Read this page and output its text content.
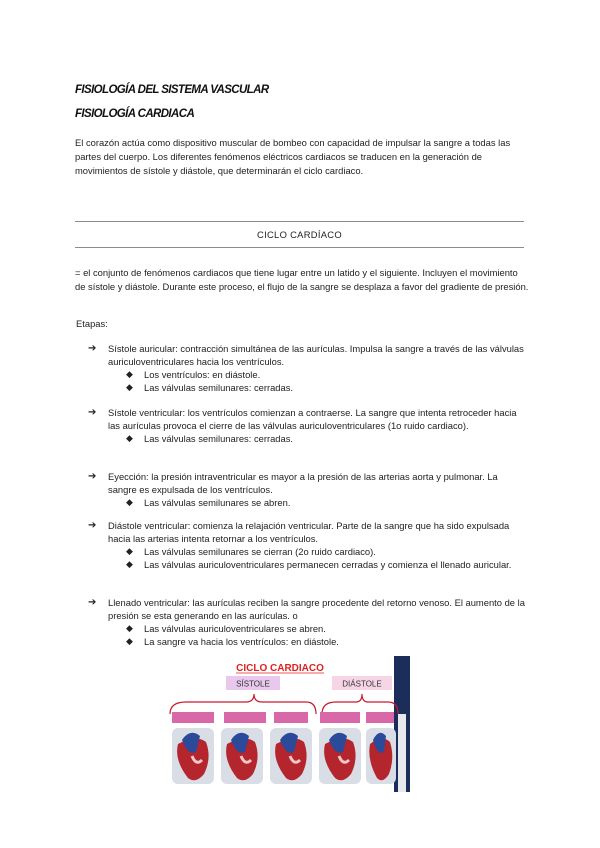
FISIOLOGÍA DEL SISTEMA VASCULAR
FISIOLOGÍA CARDIACA

El corazón actúa como dispositivo muscular de bombeo con capacidad de impulsar la sangre a todas las partes del cuerpo. Los diferentes fenómenos eléctricos cardiacos se traducen en la generación de movimientos de sístole y diástole, que determinarán el ciclo cardiaco.

CICLO CARDÍACO

= el conjunto de fenómenos cardiacos que tiene lugar entre un latido y el siguiente. Incluyen el movimiento de sístole y diástole. Durante este proceso, el flujo de la sangre se desplaza a favor del gradiente de presión.

Etapas:
➔	Sístole auricular: contracción simultánea de las aurículas. Impulsa la sangre a través de las válvulas auriculoventriculares hacia los ventrículos.
◆ Los ventrículos: en diástole.
◆ Las válvulas semilunares: cerradas.
➔	Sístole ventricular: los ventrículos comienzan a contraerse. La sangre que intenta retroceder hacia las aurículas provoca el cierre de las válvulas auriculoventriculares (1o ruido cardiaco).
◆ Las válvulas semilunares: cerradas.
➔	Eyección: la presión intraventricular es mayor a la presión de las arterias aorta y pulmonar. La sangre es expulsada de los ventrículos.
◆ Las válvulas semilunares se abren.
➔	Diástole ventricular: comienza la relajación ventricular. Parte de la sangre que ha sido expulsada hacia las arterias intenta retornar a los ventrículos.
◆ Las válvulas semilunares se cierran (2o ruido cardiaco).
◆ Las válvulas auriculoventriculares permanecen cerradas y comienza el llenado auricular.
➔	Llenado ventricular: las aurículas reciben la sangre procedente del retorno venoso. El aumento de la presión se esta generando en las aurículas. o
◆ Las válvulas auriculoventriculares se abren.
◆ La sangre va hacia los ventrículos: en diástole.
CICLO CARDIACO
SÍSTOLE	DIÁSTOLE
